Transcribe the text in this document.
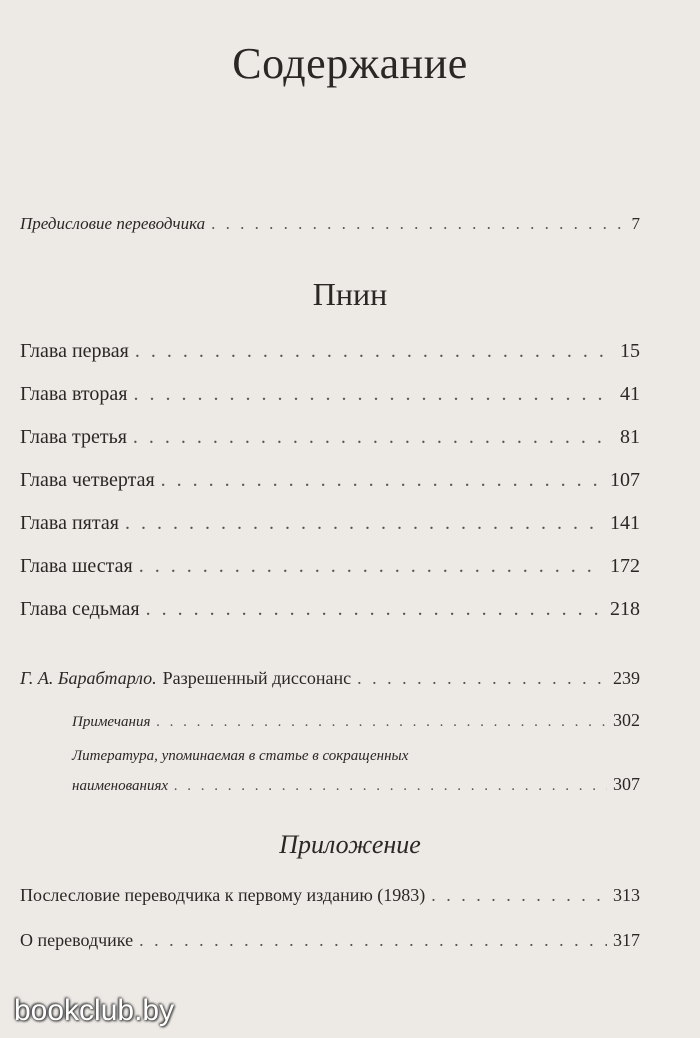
Содержание
Предисловие переводчика . . .	7
Пнин
Глава первая . . .	15
Глава вторая . . .	41
Глава третья . . .	81
Глава четвертая . . .	107
Глава пятая . . .	141
Глава шестая . . .	172
Глава седьмая . . .	218
Г. А. Барабтарло. Разрешенный диссонанс . . .	239
Примечания . . .	302
Литература, упоминаемая в статье в сокращенных
наименованиях . . .	307
Приложение
Послесловие переводчика к первому изданию (1983) . . .	313
О переводчике . . .	317
bookclub.by
